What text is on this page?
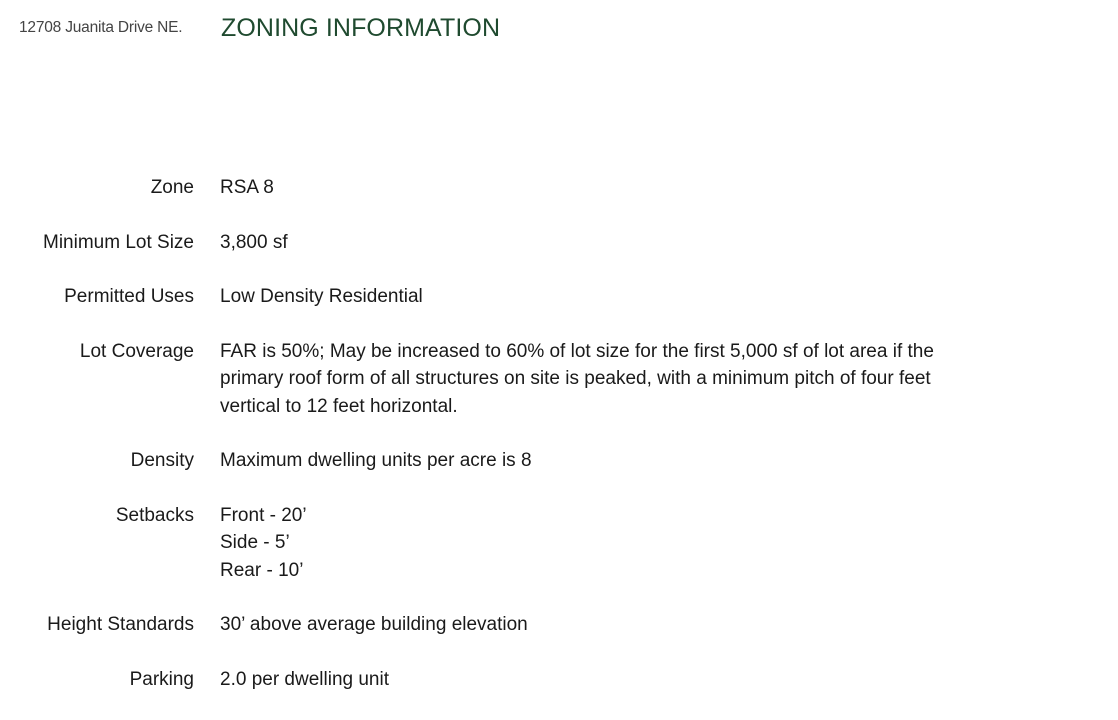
12708 Juanita Drive NE.	ZONING INFORMATION
Zone RSA 8
Minimum Lot Size 3,800 sf
Permitted Uses Low Density Residential
Lot Coverage FAR is 50%; May be increased to 60% of lot size for the first 5,000 sf of lot area if the
primary roof form of all structures on site is peaked, with a minimum pitch of four feet
vertical to 12 feet horizontal.
Density Maximum dwelling units per acre is 8
Setbacks Front - 20’
Side - 5’
Rear - 10’
Height Standards 30’ above average building elevation
Parking 2.0 per dwelling unit
